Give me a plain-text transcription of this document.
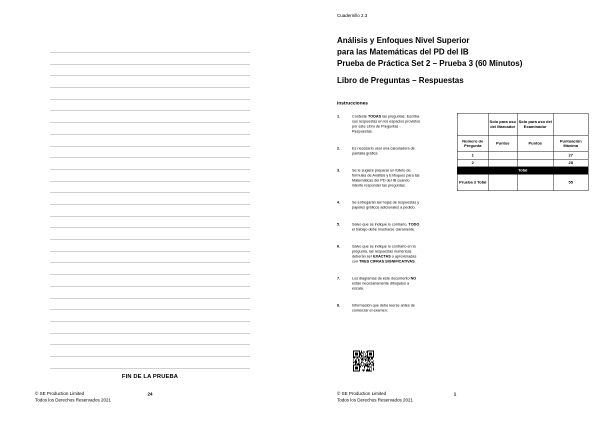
FIN DE LA PRUEBA
© SE Production Limited
Todos los Derechos Reservados 2021
24
Cuadernillo 2.3
Análisis y Enfoques Nivel Superior
para las Matemáticas del PD del IB
Prueba de Práctica Set 2 – Prueba 3 (60 Minutos)
Libro de Preguntas – Respuestas
Instrucciones
1.	Conteste TODAS las preguntas. Escriba sus respuestas en los espacios provistos por este Libro de Preguntas - Respuestas.
2.	Es necesario usar una calculadora de pantalla gráfica
3.	Se le sugiere preparar un folleto de fórmulas de Análisis y Enfoques para las Matemáticas del PD del IB cuando intente responder las preguntas.
4.	Se entregarán las hojas de respuestas y papeles gráficos adicionales a pedido.
5.	Salvo que se indique lo contrario, TODO el trabajo debe mostrarse claramente.
6.	Salvo que se indique lo contrario en la pregunta, las respuestas numéricas deberán ser EXACTAS o aproximadas con TRES CIFRAS SIGNIFICATIVAS.
7.	Los diagramas de este documento NO están necesariamente dibujados a escala.
8.	Información que debe leerse antes de comenzar el examen:
	Solo para uso del Marcador	Solo para uso del Examinador	
Número de Pregunta	Puntos	Puntos	Puntuación Máxima
1			27
2			28
Total			
Prueba 3 Total			55
© SE Production Limited
Todos los Derechos Reservados 2021
1
